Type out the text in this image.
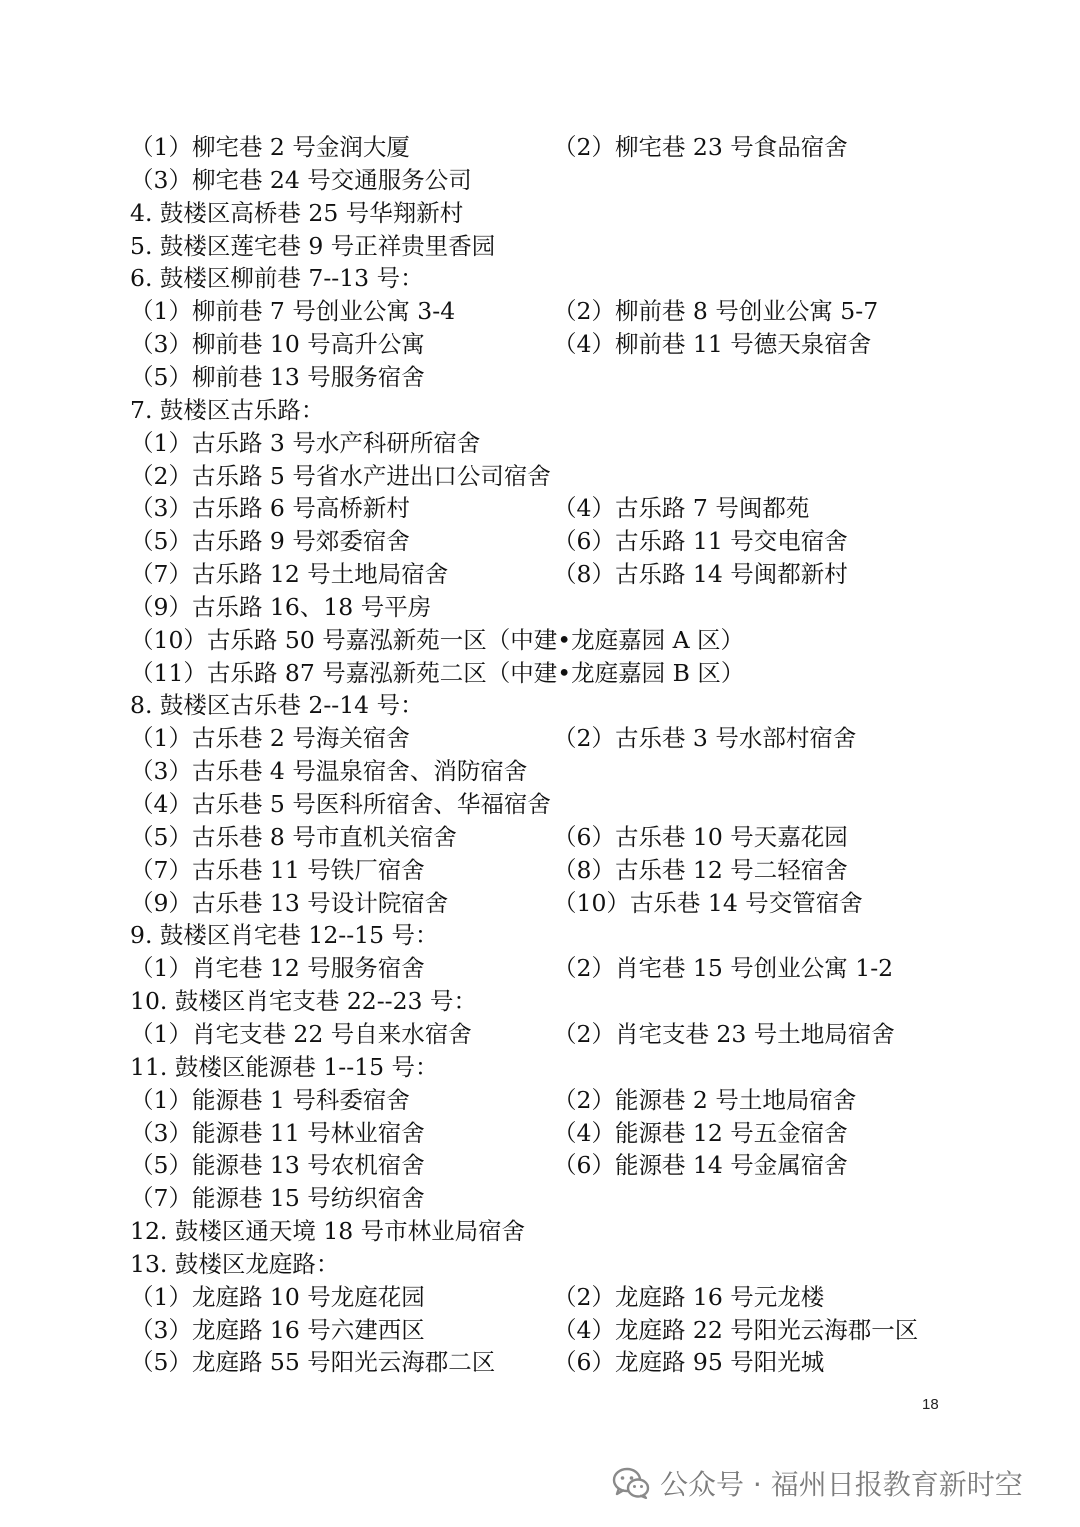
（1）柳宅巷 2 号金润大厦	（2）柳宅巷 23 号食品宿舍
（3）柳宅巷 24 号交通服务公司
4. 鼓楼区高桥巷 25 号华翔新村
5. 鼓楼区莲宅巷 9 号正祥贵里香园
6. 鼓楼区柳前巷 7--13 号：
（1）柳前巷 7 号创业公寓 3-4	（2）柳前巷 8 号创业公寓 5-7
（3）柳前巷 10 号高升公寓	（4）柳前巷 11 号德天泉宿舍
（5）柳前巷 13 号服务宿舍
7. 鼓楼区古乐路：
（1）古乐路 3 号水产科研所宿舍
（2）古乐路 5 号省水产进出口公司宿舍
（3）古乐路 6 号高桥新村	（4）古乐路 7 号闽都苑
（5）古乐路 9 号郊委宿舍	（6）古乐路 11 号交电宿舍
（7）古乐路 12 号土地局宿舍	（8）古乐路 14 号闽都新村
（9）古乐路 16、18 号平房
（10）古乐路 50 号嘉泓新苑一区（中建•龙庭嘉园 A 区）
（11）古乐路 87 号嘉泓新苑二区（中建•龙庭嘉园 B 区）
8. 鼓楼区古乐巷 2--14 号：
（1）古乐巷 2 号海关宿舍	（2）古乐巷 3 号水部村宿舍
（3）古乐巷 4 号温泉宿舍、消防宿舍
（4）古乐巷 5 号医科所宿舍、华福宿舍
（5）古乐巷 8 号市直机关宿舍	（6）古乐巷 10 号天嘉花园
（7）古乐巷 11 号铁厂宿舍	（8）古乐巷 12 号二轻宿舍
（9）古乐巷 13 号设计院宿舍	（10）古乐巷 14 号交管宿舍
9. 鼓楼区肖宅巷 12--15 号：
（1）肖宅巷 12 号服务宿舍	（2）肖宅巷 15 号创业公寓 1-2
10. 鼓楼区肖宅支巷 22--23 号：
（1）肖宅支巷 22 号自来水宿舍	（2）肖宅支巷 23 号土地局宿舍
11. 鼓楼区能源巷 1--15 号：
（1）能源巷 1 号科委宿舍	（2）能源巷 2 号土地局宿舍
（3）能源巷 11 号林业宿舍	（4）能源巷 12 号五金宿舍
（5）能源巷 13 号农机宿舍	（6）能源巷 14 号金属宿舍
（7）能源巷 15 号纺织宿舍
12. 鼓楼区通天境 18 号市林业局宿舍
13. 鼓楼区龙庭路：
（1）龙庭路 10 号龙庭花园	（2）龙庭路 16 号元龙楼
（3）龙庭路 16 号六建西区	（4）龙庭路 22 号阳光云海郡一区
（5）龙庭路 55 号阳光云海郡二区 （6）龙庭路 95 号阳光城
18
公众号 · 福州日报教育新时空
